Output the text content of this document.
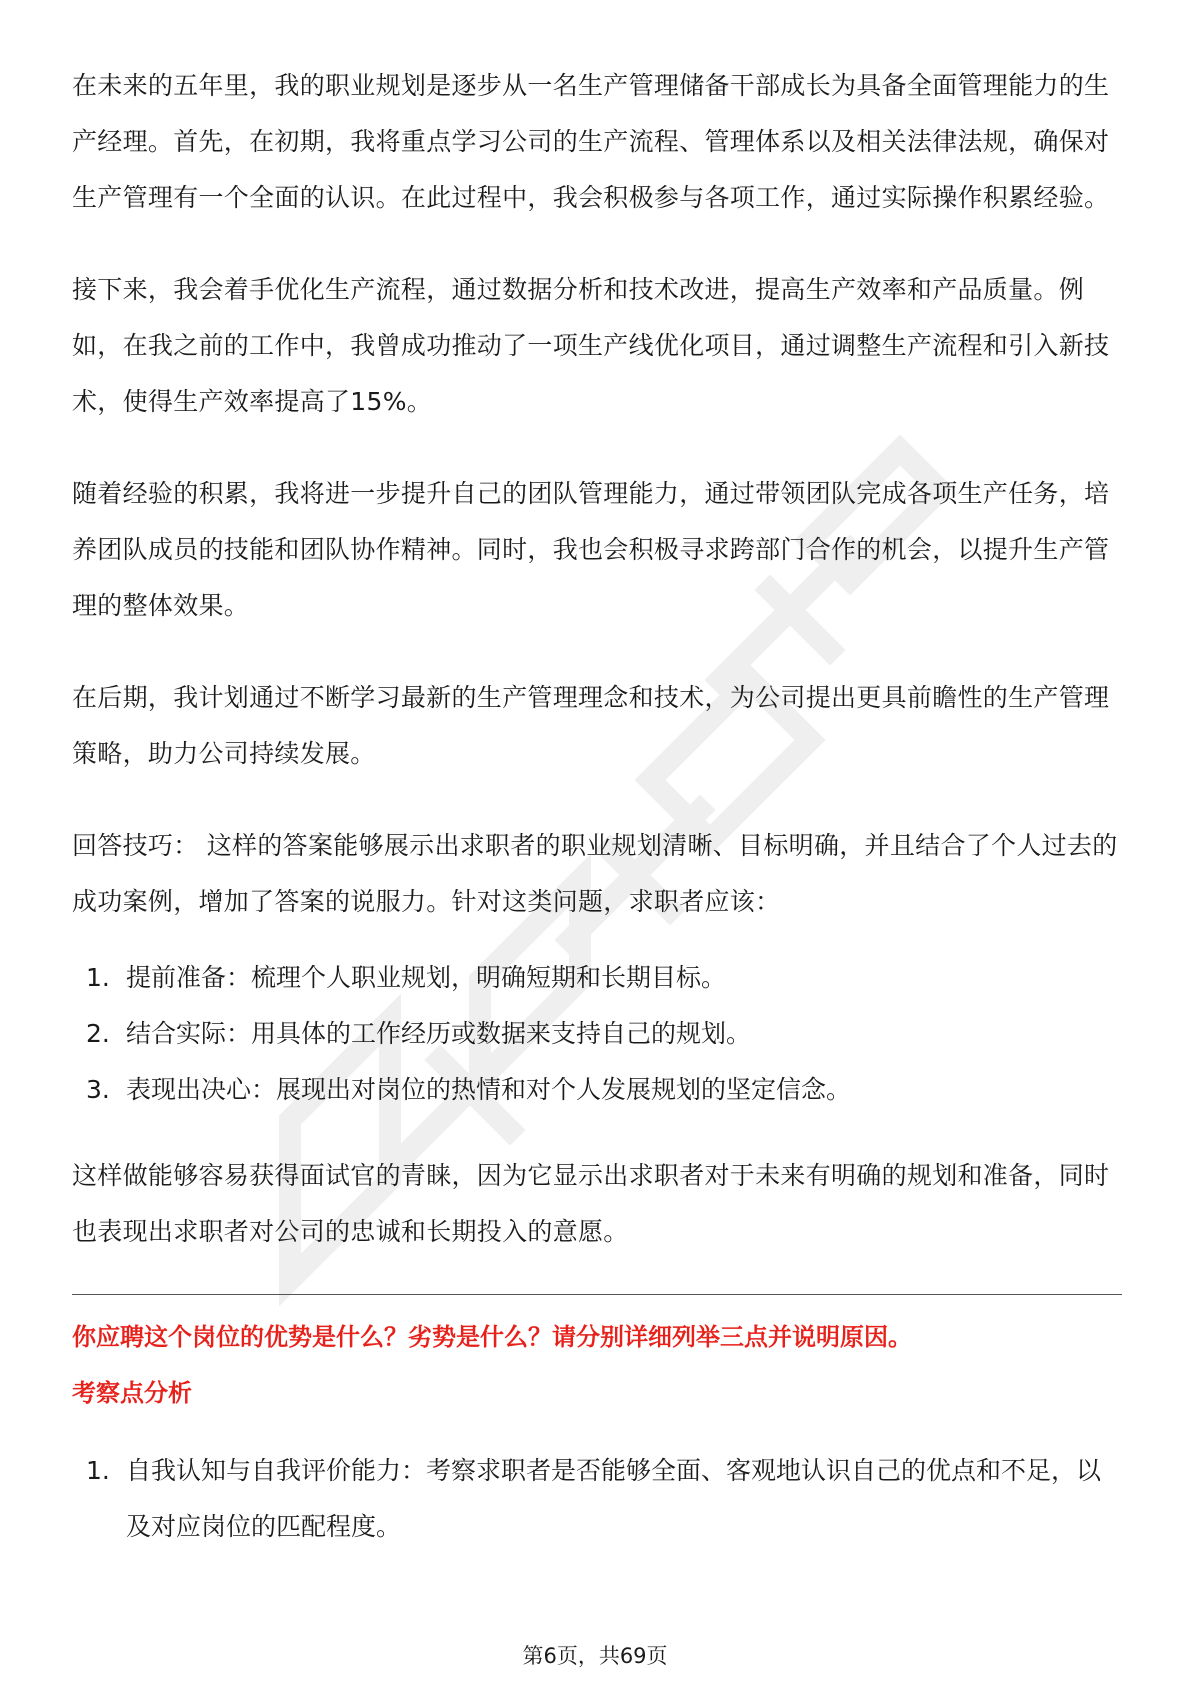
在未来的五年里，我的职业规划是逐步从一名生产管理储备干部成长为具备全面管理能力的生产经理。首先，在初期，我将重点学习公司的生产流程、管理体系以及相关法律法规，确保对生产管理有一个全面的认识。在此过程中，我会积极参与各项工作，通过实际操作积累经验。

接下来，我会着手优化生产流程，通过数据分析和技术改进，提高生产效率和产品质量。例如，在我之前的工作中，我曾成功推动了一项生产线优化项目，通过调整生产流程和引入新技术，使得生产效率提高了15%。

随着经验的积累，我将进一步提升自己的团队管理能力，通过带领团队完成各项生产任务，培养团队成员的技能和团队协作精神。同时，我也会积极寻求跨部门合作的机会，以提升生产管理的整体效果。

在后期，我计划通过不断学习最新的生产管理理念和技术，为公司提出更具前瞻性的生产管理策略，助力公司持续发展。

回答技巧： 这样的答案能够展示出求职者的职业规划清晰、目标明确，并且结合了个人过去的成功案例，增加了答案的说服力。针对这类问题，求职者应该：

1. 提前准备：梳理个人职业规划，明确短期和长期目标。
2. 结合实际：用具体的工作经历或数据来支持自己的规划。
3. 表现出决心：展现出对岗位的热情和对个人发展规划的坚定信念。

这样做能够容易获得面试官的青睐，因为它显示出求职者对于未来有明确的规划和准备，同时也表现出求职者对公司的忠诚和长期投入的意愿。

你应聘这个岗位的优势是什么？劣势是什么？请分别详细列举三点并说明原因。

考察点分析

1. 自我认知与自我评价能力：考察求职者是否能够全面、客观地认识自己的优点和不足，以及对应岗位的匹配程度。
第6页，共69页
